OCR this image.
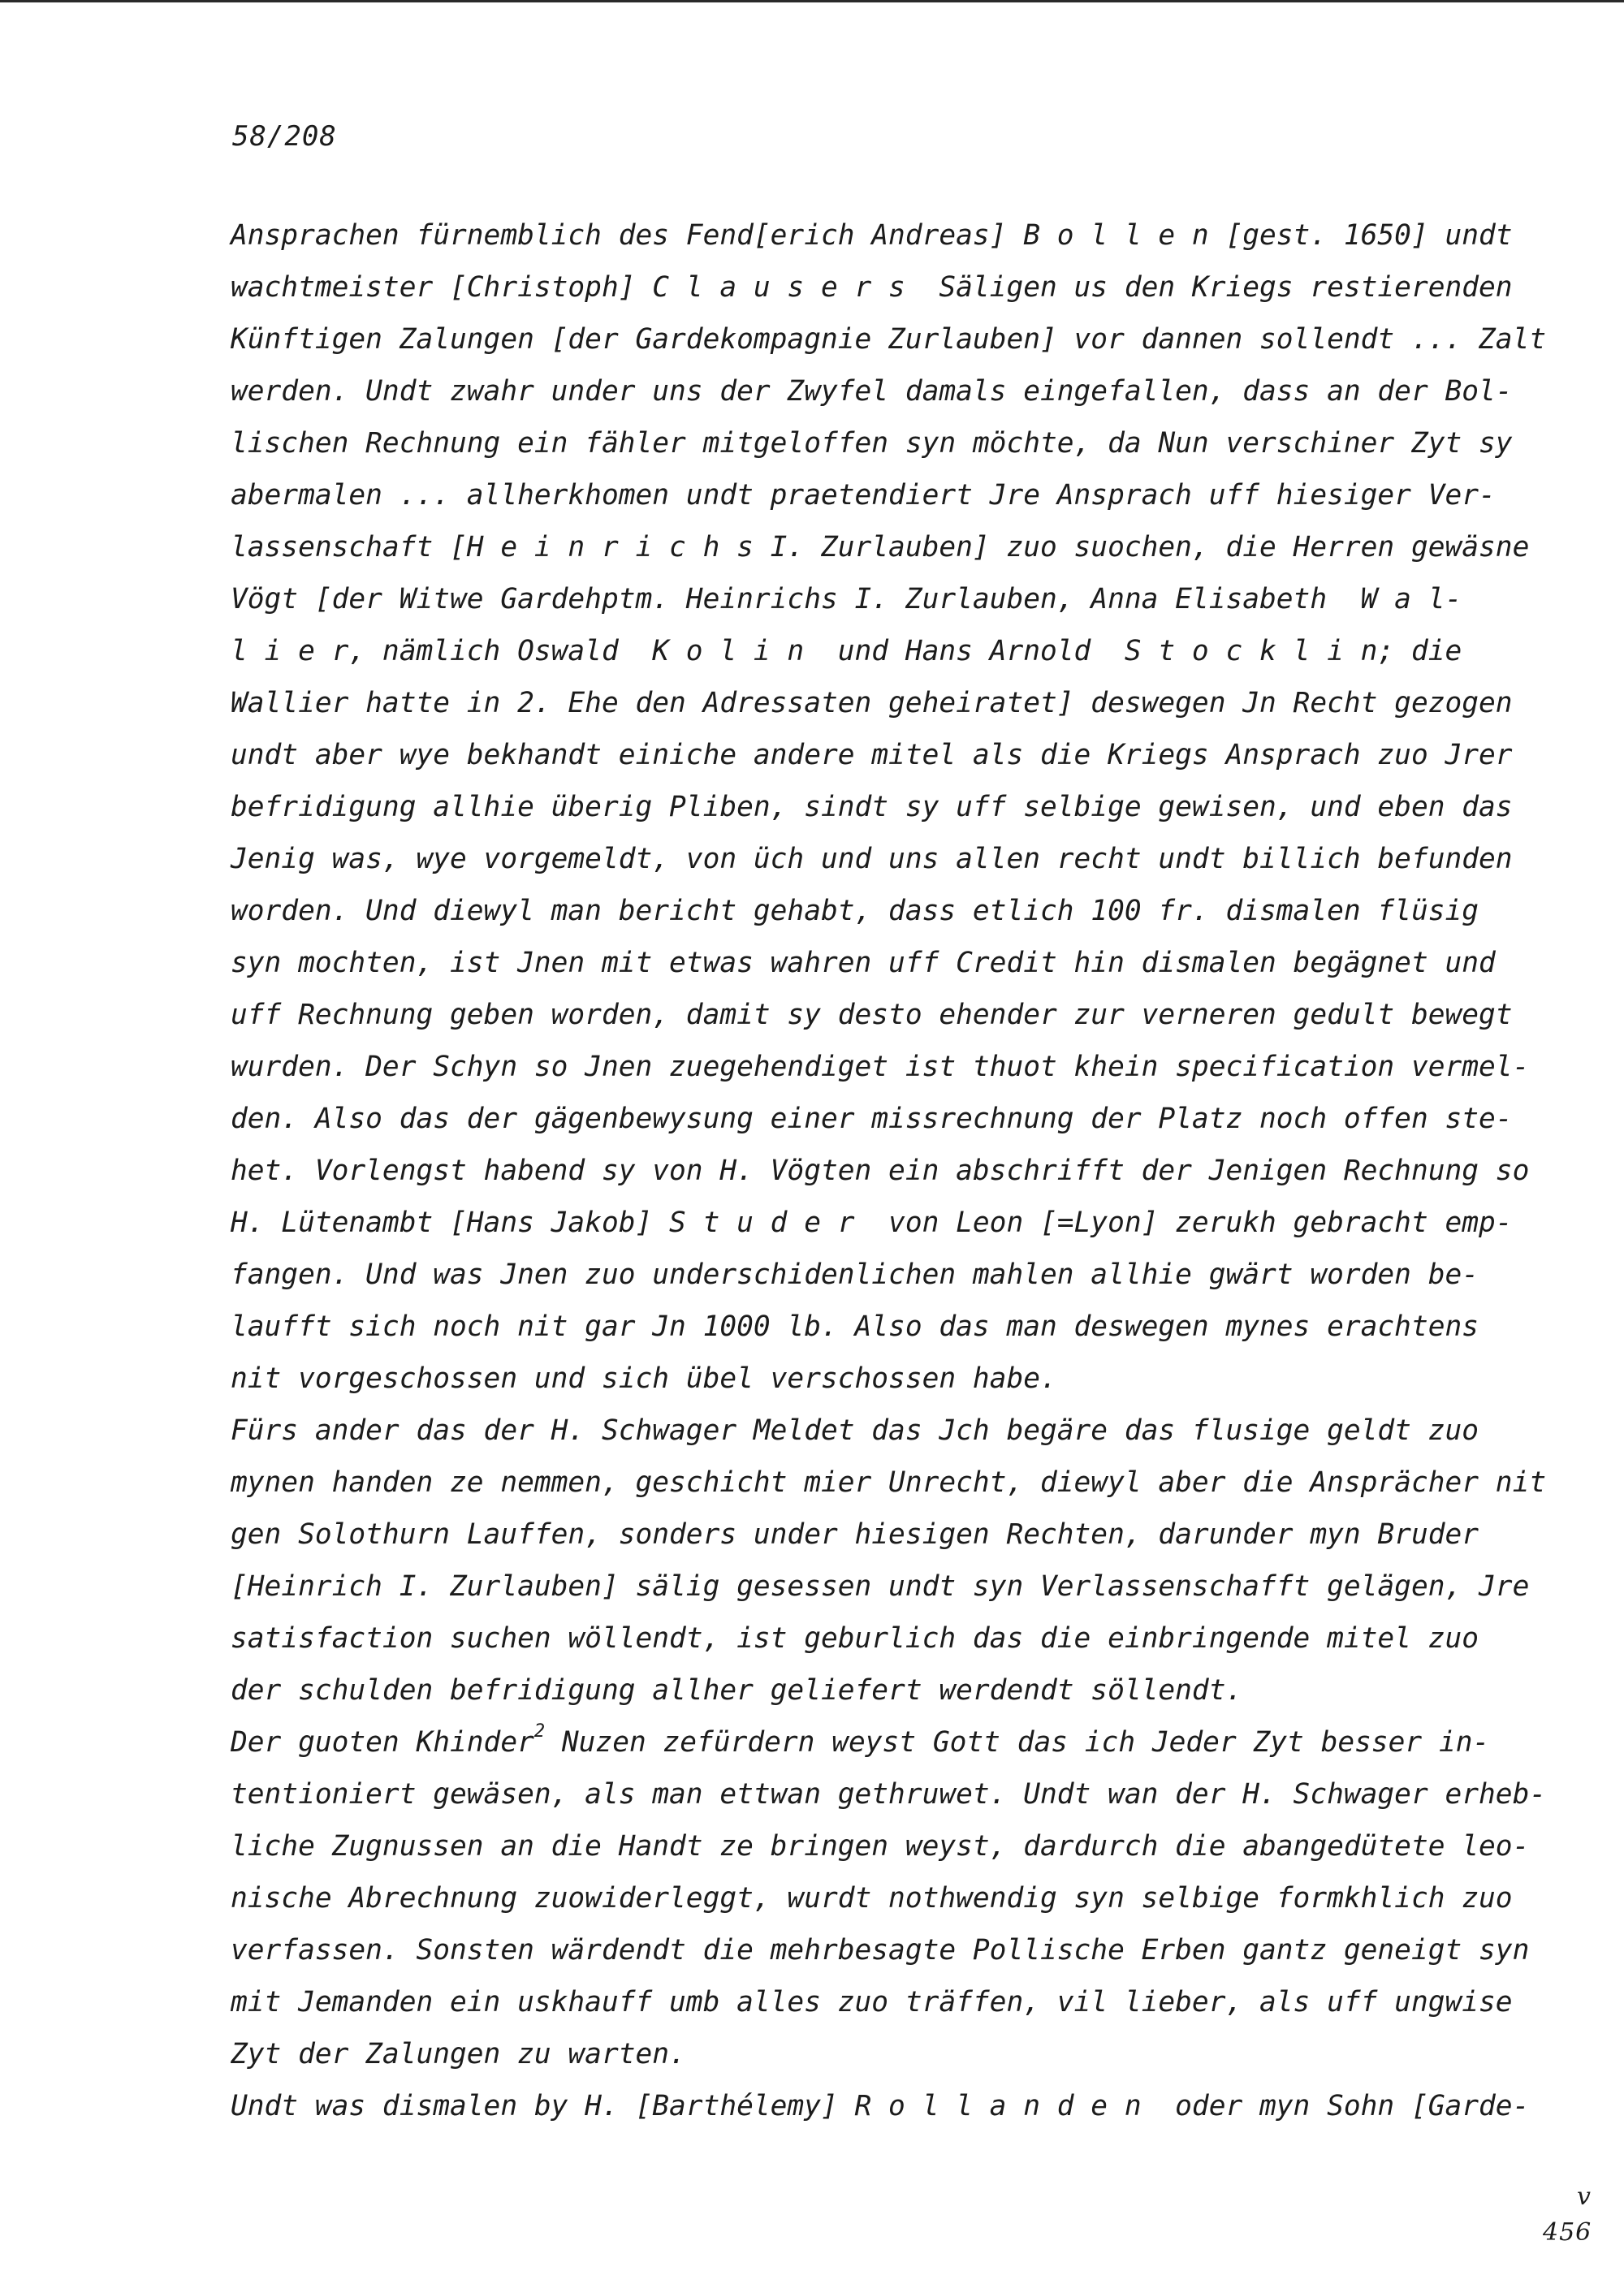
58/208
Ansprachen fürnemblich des Fend[erich Andreas] B o l l e n [gest. 1650] undt
wachtmeister [Christoph] C l a u s e r s  Säligen us den Kriegs restierenden
Künftigen Zalungen [der Gardekompagnie Zurlauben] vor dannen sollendt ... Zalt
werden. Undt zwahr under uns der Zwyfel damals eingefallen, dass an der Bol-
lischen Rechnung ein fähler mitgeloffen syn möchte, da Nun verschiner Zyt sy
abermalen ... allherkhomen undt praetendiert Jre Ansprach uff hiesiger Ver-
lassenschaft [H e i n r i c h s I. Zurlauben] zuo suochen, die Herren gewäsne
Vögt [der Witwe Gardehptm. Heinrichs I. Zurlauben, Anna Elisabeth  W a l-
l i e r, nämlich Oswald  K o l i n  und Hans Arnold  S t o c k l i n; die
Wallier hatte in 2. Ehe den Adressaten geheiratet] deswegen Jn Recht gezogen
undt aber wye bekhandt einiche andere mitel als die Kriegs Ansprach zuo Jrer
befridigung allhie überig Pliben, sindt sy uff selbige gewisen, und eben das
Jenig was, wye vorgemeldt, von üch und uns allen recht undt billich befunden
worden. Und diewyl man bericht gehabt, dass etlich 100 fr. dismalen flüsig
syn mochten, ist Jnen mit etwas wahren uff Credit hin dismalen begägnet und
uff Rechnung geben worden, damit sy desto ehender zur verneren gedult bewegt
wurden. Der Schyn so Jnen zuegehendiget ist thuot khein specification vermel-
den. Also das der gägenbewysung einer missrechnung der Platz noch offen ste-
het. Vorlengst habend sy von H. Vögten ein abschrifft der Jenigen Rechnung so
H. Lütenambt [Hans Jakob] S t u d e r  von Leon [=Lyon] zerukh gebracht emp-
fangen. Und was Jnen zuo underschidenlichen mahlen allhie gwärt worden be-
laufft sich noch nit gar Jn 1000 lb. Also das man deswegen mynes erachtens
nit vorgeschossen und sich übel verschossen habe.
Fürs ander das der H. Schwager Meldet das Jch begäre das flusige geldt zuo
mynen handen ze nemmen, geschicht mier Unrecht, diewyl aber die Ansprächer nit
gen Solothurn Lauffen, sonders under hiesigen Rechten, darunder myn Bruder
[Heinrich I. Zurlauben] sälig gesessen undt syn Verlassenschafft gelägen, Jre
satisfaction suchen wöllendt, ist geburlich das die einbringende mitel zuo
der schulden befridigung allher geliefert werdendt söllendt.
Der guoten Khinder$^2$ Nuzen zefürdern weyst Gott das ich Jeder Zyt besser in-
tentioniert gewäsen, als man ettwan gethruwet. Undt wan der H. Schwager erheb-
liche Zugnussen an die Handt ze bringen weyst, dardurch die abangedütete leo-
nische Abrechnung zuowiderleggt, wurdt nothwendig syn selbige formkhlich zuo
verfassen. Sonsten wärdendt die mehrbesagte Pollische Erben gantz geneigt syn
mit Jemanden ein uskhauff umb alles zuo träffen, vil lieber, als uff ungwise
Zyt der Zalungen zu warten.
Undt was dismalen by H. [Barthélemy] R o l l a n d e n  oder myn Sohn [Garde-
v
456
